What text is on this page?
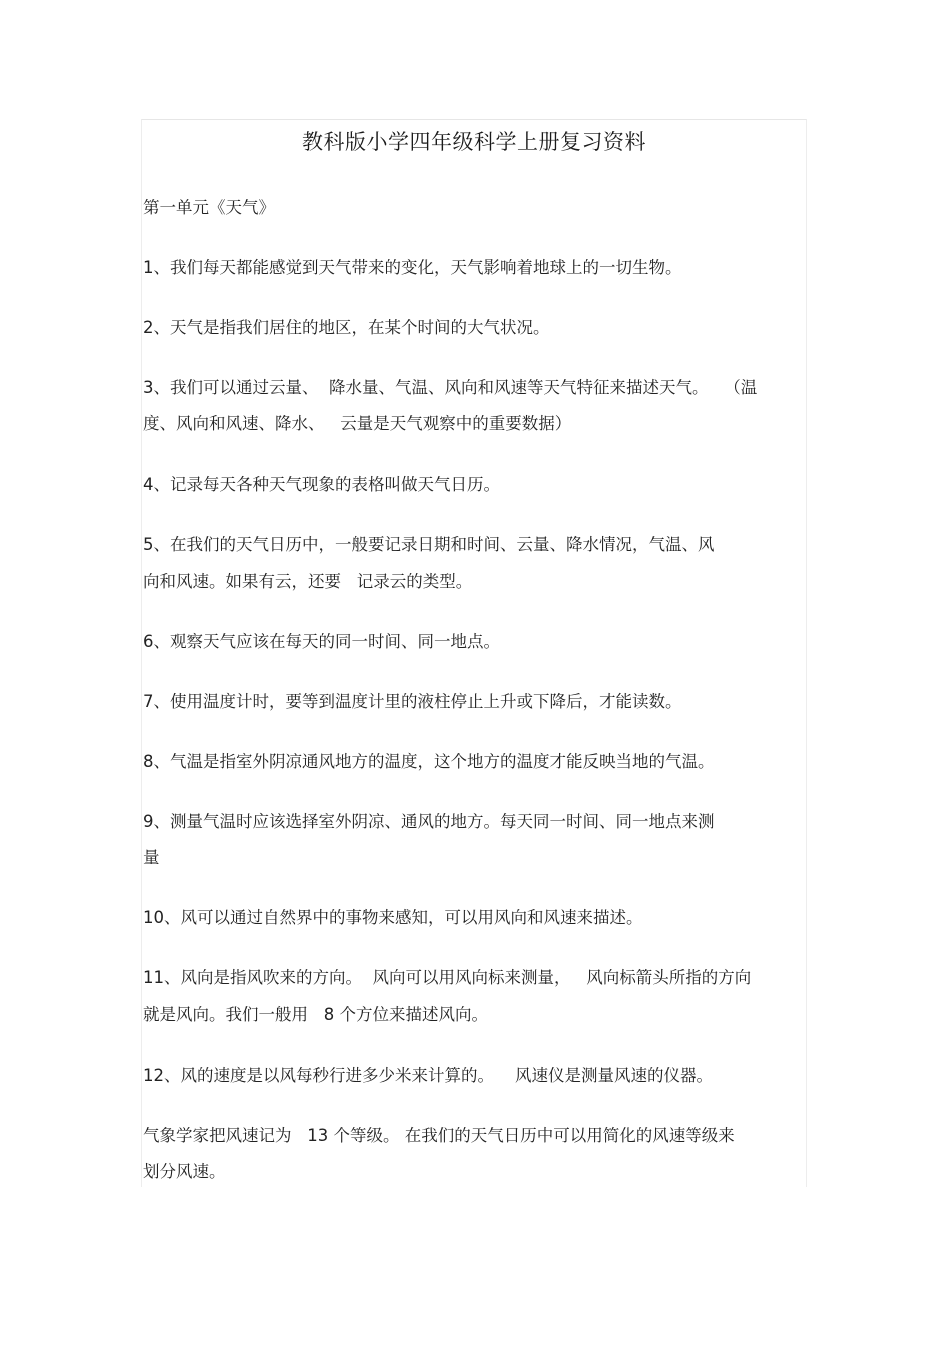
教科版小学四年级科学上册复习资料
第一单元《天气》
1、我们每天都能感觉到天气带来的变化，天气影响着地球上的一切生物。
2、天气是指我们居住的地区，在某个时间的大气状况。
3、我们可以通过云量、  降水量、气温、风向和风速等天气特征来描述天气。   （温
度、风向和风速、降水、   云量是天气观察中的重要数据）
4、记录每天各种天气现象的表格叫做天气日历。
5、在我们的天气日历中，一般要记录日期和时间、云量、降水情况，气温、风
向和风速。如果有云，还要   记录云的类型。
6、观察天气应该在每天的同一时间、同一地点。
7、使用温度计时，要等到温度计里的液柱停止上升或下降后，才能读数。
8、气温是指室外阴凉通风地方的温度，这个地方的温度才能反映当地的气温。
9、测量气温时应该选择室外阴凉、通风的地方。每天同一时间、同一地点来测
量
10、风可以通过自然界中的事物来感知，可以用风向和风速来描述。
11、风向是指风吹来的方向。  风向可以用风向标来测量，   风向标箭头所指的方向
就是风向。我们一般用   8 个方位来描述风向。
12、风的速度是以风每秒行进多少米来计算的。    风速仪是测量风速的仪器。
气象学家把风速记为   13 个等级。 在我们的天气日历中可以用简化的风速等级来
划分风速。
